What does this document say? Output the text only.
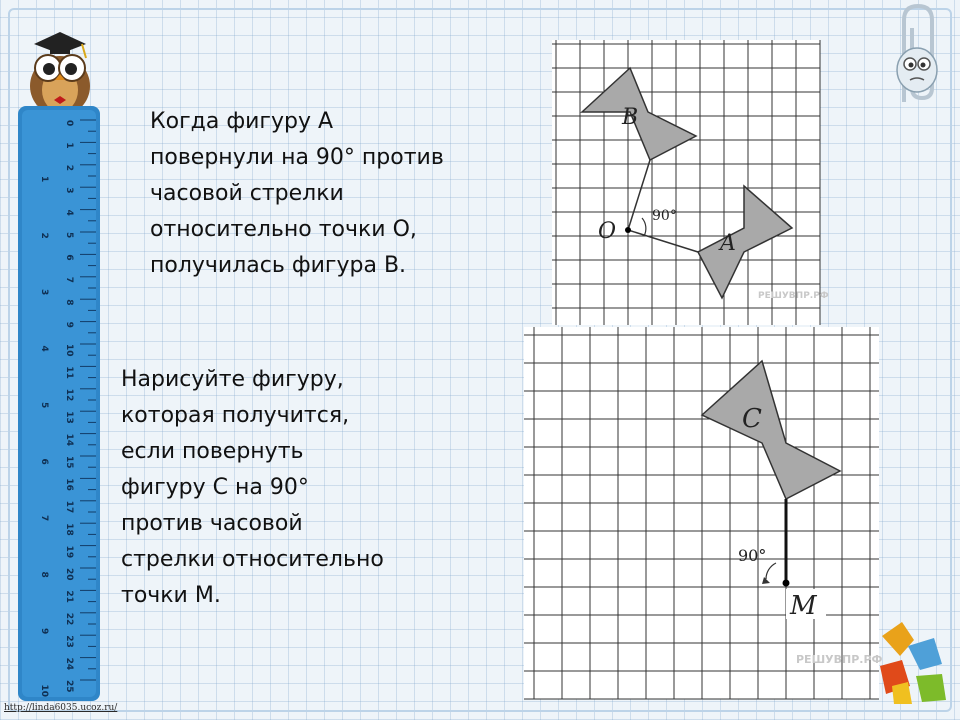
0
1
2
3
4
5
6
7
8
9
10
11
12
13
14
15
16
17
18
19
20
21
22
23
24
25
1
2
3
4
5
6
7
8
9
10
Когда фигуру А
повернули на 90° против
часовой стрелки
относительно точки О,
получилась фигура В.
Нарисуйте фигуру,
которая получится,
если повернуть
фигуру С на 90°
против часовой
стрелки относительно
точки М.
B
A
O
90°
РЕШУВПР.РФ
C
M
90°
РЕШУВПР.РФ
http://linda6035.ucoz.ru/
